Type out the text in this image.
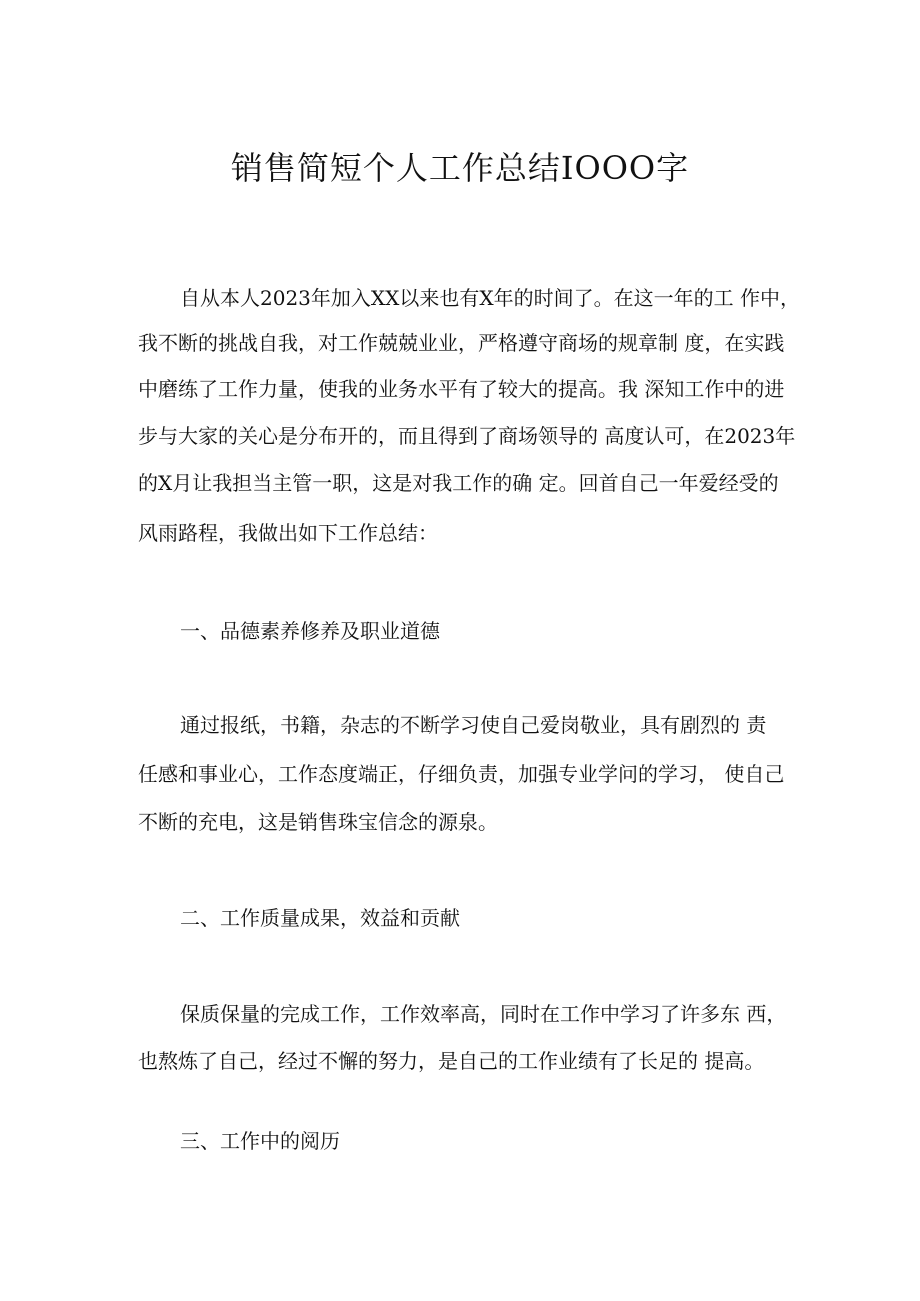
销售简短个人工作总结IOOO字

自从本人2023年加入XX以来也有X年的时间了。在这一年的工 作中，

我不断的挑战自我，对工作兢兢业业，严格遵守商场的规章制 度，在实践

中磨练了工作力量，使我的业务水平有了较大的提高。我 深知工作中的进

步与大家的关心是分布开的，而且得到了商场领导的 高度认可，在2023年

的X月让我担当主管一职，这是对我工作的确 定。回首自己一年爱经受的

风雨路程，我做出如下工作总结：

一、品德素养修养及职业道德

通过报纸，书籍，杂志的不断学习使自己爱岗敬业，具有剧烈的 责

任感和事业心，工作态度端正，仔细负责，加强专业学问的学习， 使自己

不断的充电，这是销售珠宝信念的源泉。

二、工作质量成果，效益和贡献

保质保量的完成工作，工作效率高，同时在工作中学习了许多东 西，

也熬炼了自己，经过不懈的努力，是自己的工作业绩有了长足的 提高。

三、工作中的阅历
